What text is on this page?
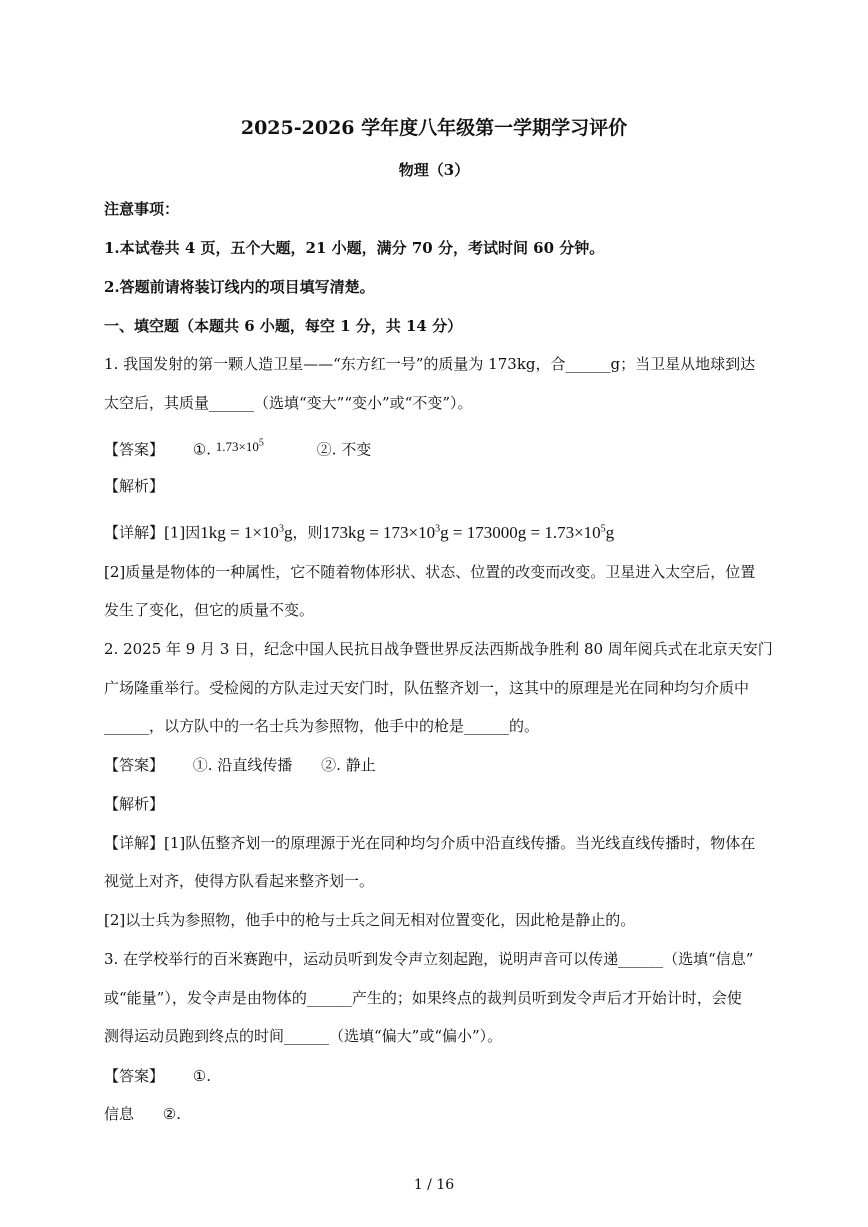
2025-2026 学年度八年级第一学期学习评价
物理（3）
注意事项：
1.本试卷共 4 页，五个大题，21 小题，满分 70 分，考试时间 60 分钟。
2.答题前请将装订线内的项目填写清楚。
一、填空题（本题共 6 小题，每空 1 分，共 14 分）
1. 我国发射的第一颗人造卫星——“东方红一号”的质量为 173kg，合______g；当卫星从地球到达
太空后，其质量______（选填“变大”“变小”或“不变”）。
【答案】 ①. $1.73\times 10^5$	②. 不变
【解析】
【详解】[1]因$1kg = 1\times 10^3g$，则$173kg = 173\times 10^3g = 173000g = 1.73\times 10^5g$
[2]质量是物体的一种属性，它不随着物体形状、状态、位置的改变而改变。卫星进入太空后，位置
发生了变化，但它的质量不变。
2. 2025 年 9 月 3 日，纪念中国人民抗日战争暨世界反法西斯战争胜利 80 周年阅兵式在北京天安门
广场隆重举行。受检阅的方队走过天安门时，队伍整齐划一，这其中的原理是光在同种均匀介质中
______，以方队中的一名士兵为参照物，他手中的枪是______的。
【答案】 ①. 沿直线传播 ②. 静止
【解析】
【详解】[1]队伍整齐划一的原理源于光在同种均匀介质中沿直线传播。当光线直线传播时，物体在
视觉上对齐，使得方队看起来整齐划一。
[2]以士兵为参照物，他手中的枪与士兵之间无相对位置变化，因此枪是静止的。
3. 在学校举行的百米赛跑中，运动员听到发令声立刻起跑，说明声音可以传递______（选填“信息”
或“能量”），发令声是由物体的______产生的；如果终点的裁判员听到发令声后才开始计时，会使
测得运动员跑到终点的时间______（选填“偏大”或“偏小”）。
【答案】 ①.
信息 ②.
1 / 16
